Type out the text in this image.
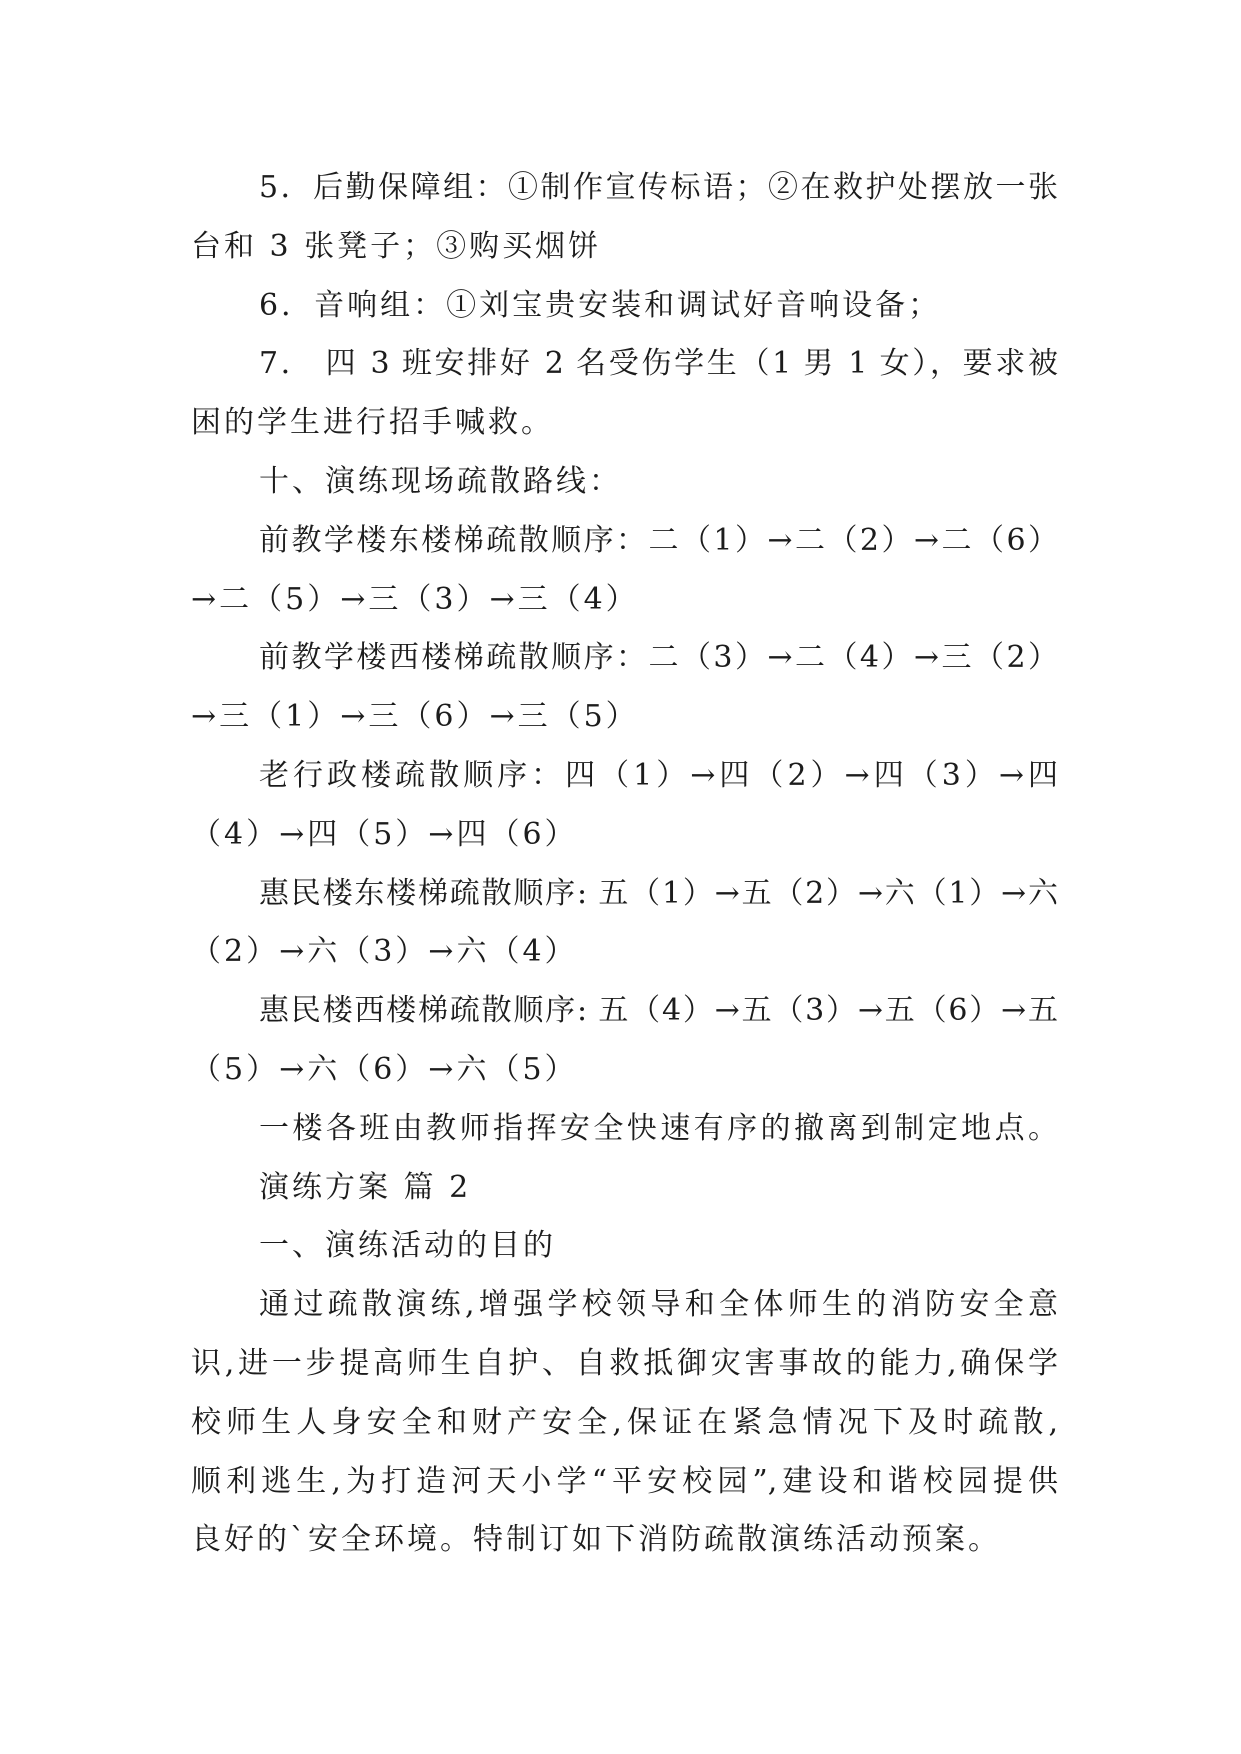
5．后勤保障组：①制作宣传标语；②在救护处摆放一张
台和 3 张凳子；③购买烟饼
6．音响组：①刘宝贵安装和调试好音响设备；
7． 四 3 班安排好 2 名受伤学生（1 男 1 女），要求被
困的学生进行招手喊救。
十、演练现场疏散路线：
前教学楼东楼梯疏散顺序：二（1）→二（2）→二（6）
→二（5）→三（3）→三（4）
前教学楼西楼梯疏散顺序：二（3）→二（4）→三（2）
→三（1）→三（6）→三（5）
老行政楼疏散顺序：四（1）→四（2）→四（3）→四
（4）→四（5）→四（6）
惠民楼东楼梯疏散顺序: 五（1）→五（2）→六（1）→六
（2）→六（3）→六（4）
惠民楼西楼梯疏散顺序: 五（4）→五（3）→五（6）→五
（5）→六（6）→六（5）
一楼各班由教师指挥安全快速有序的撤离到制定地点。
演练方案 篇 2
一、演练活动的目的
通过疏散演练,增强学校领导和全体师生的消防安全意
识,进一步提高师生自护、自救抵御灾害事故的能力,确保学
校师生人身安全和财产安全,保证在紧急情况下及时疏散,
顺利逃生,为打造河天小学“平安校园”,建设和谐校园提供
良好的`安全环境。特制订如下消防疏散演练活动预案。
